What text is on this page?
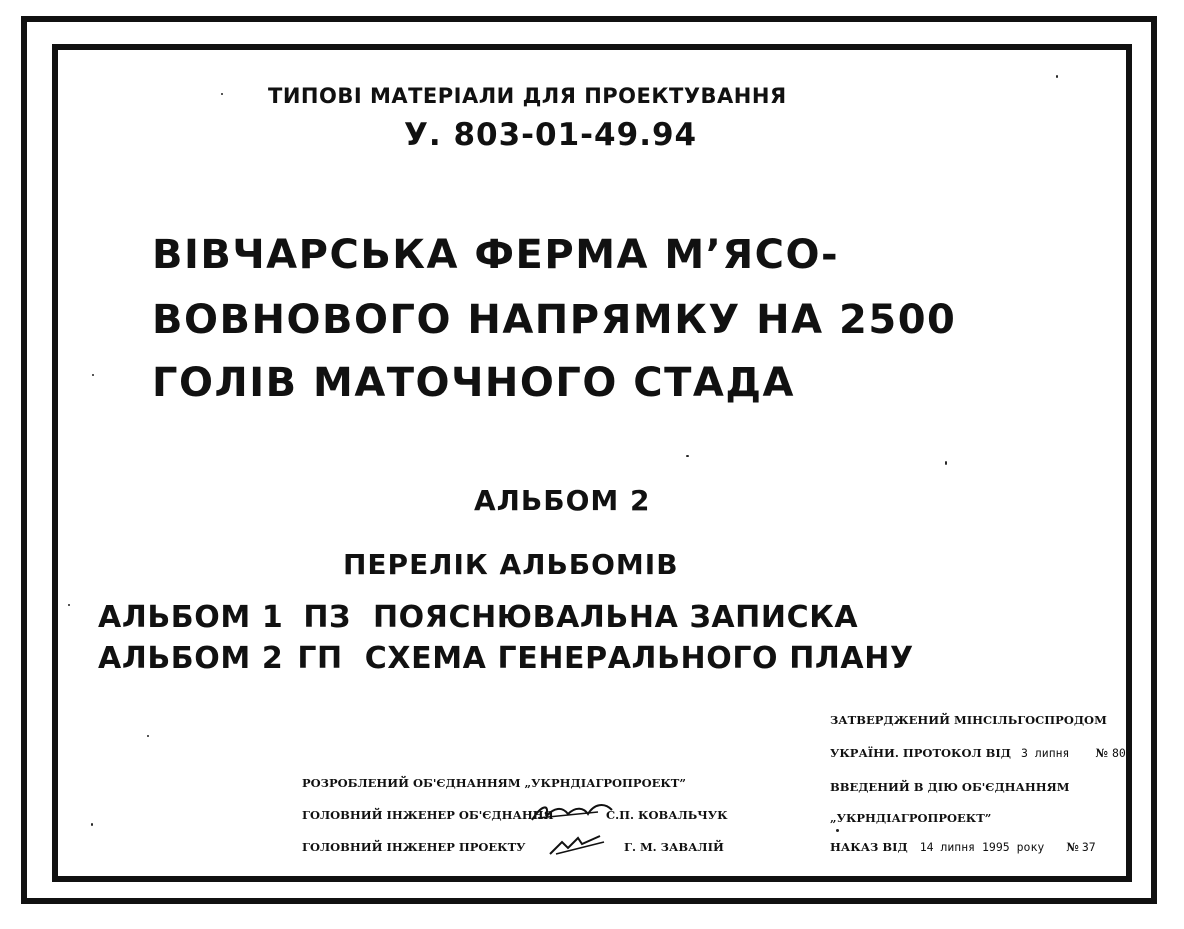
ТИПОВІ МАТЕРІАЛИ ДЛЯ ПРОЕКТУВАННЯ
У. 803-01-49.94
ВІВЧАРСЬКА ФЕРМА М’ЯСО-
ВОВНОВОГО НАПРЯМКУ НА 2500
ГОЛІВ МАТОЧНОГО СТАДА
АЛЬБОМ 2
ПЕРЕЛІК АЛЬБОМІВ
АЛЬБОМ 1 ПЗ ПОЯСНЮВАЛЬНА ЗАПИСКА
АЛЬБОМ 2 ГП СХЕМА ГЕНЕРАЛЬНОГО ПЛАНУ
РОЗРОБЛЕНИЙ ОБ'ЄДНАННЯМ „УКРНДІАГРОПРОЕКТ”
ГОЛОВНИЙ ІНЖЕНЕР ОБ'ЄДНАННЯ	С.П. КОВАЛЬЧУК
ГОЛОВНИЙ ІНЖЕНЕР ПРОЕКТУ	Г. М. ЗАВАЛІЙ
ЗАТВЕРДЖЕНИЙ МІНСІЛЬГОСПРОДОМ
УКРАЇНИ. ПРОТОКОЛ ВІД 3 липня № 80
ВВЕДЕНИЙ В ДІЮ ОБ'ЄДНАННЯМ
„УКРНДІАГРОПРОЕКТ”
НАКАЗ ВІД 14 липня 1995 року № 37
